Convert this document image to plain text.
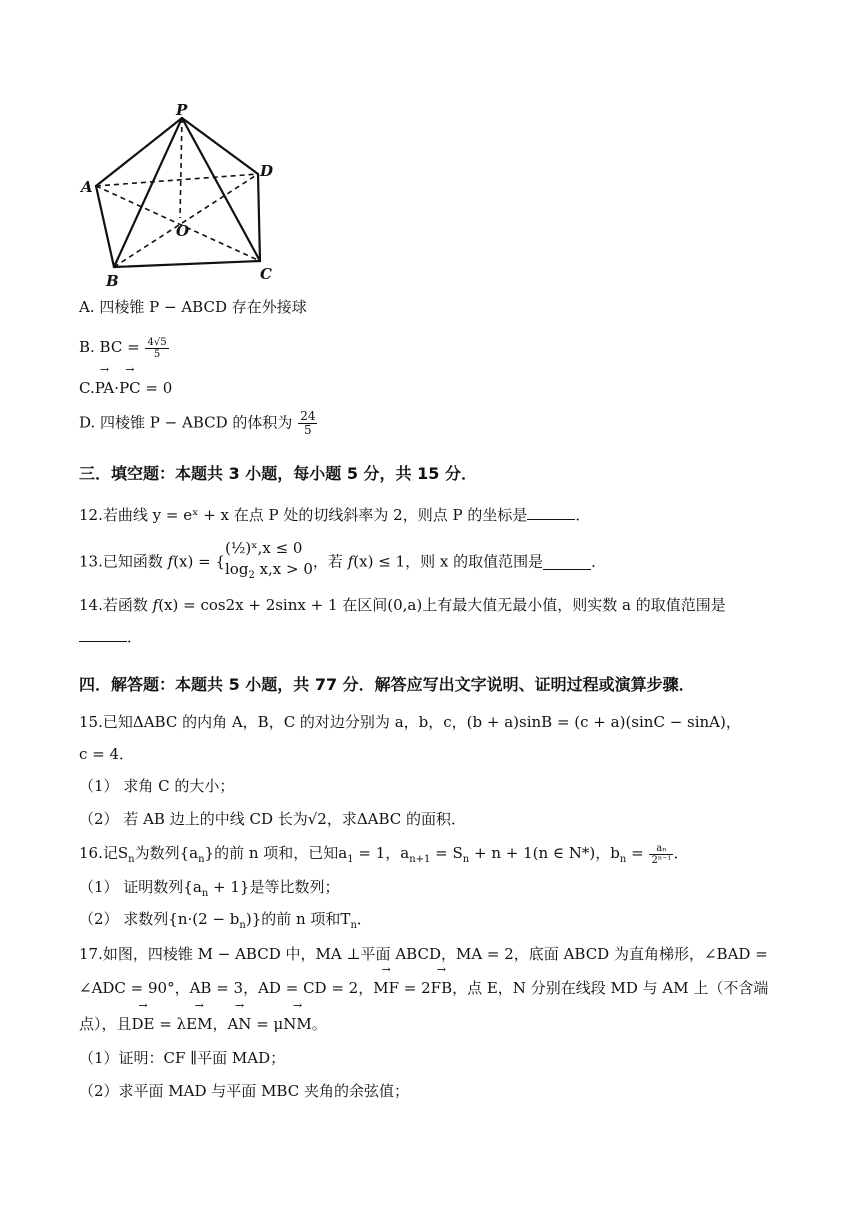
P
A
B	C
D
O
A. 四棱锥 P − ABCD 存在外接球
B. BC = $\frac{4√5}{5}$
C.→ PA·→ PC = 0
D. 四棱锥 P − ABCD 的体积为 $\frac{24}{5}$
三．填空题：本题共 3 小题，每小题 5 分，共 15 分．
12.若曲线 y = eˣ + x 在点 P 处的切线斜率为 2，则点 P 的坐标是	．
13.已知函数 f(x) = {
(½)ˣ,x ≤ 0
$\log_2 x,x > 0$ ，若 f(x) ≤ 1，则 x 的取值范围是	．
14.若函数 f(x) = cos2x + 2sinx + 1 在区间(0,a)上有最大值无最小值，则实数 a 的取值范围是
．
四．解答题：本题共 5 小题，共 77 分．解答应写出文字说明、证明过程或演算步骤．
15.已知ΔABC 的内角 A，B，C 的对边分别为 a，b，c，(b + a)sinB = (c + a)(sinC − sinA)，
c = 4．
（1） 求角 C 的大小；
（2） 若 AB 边上的中线 CD 长为√2，求ΔABC 的面积．
16.记$S_n$为数列$\{a_n\}$的前 n 项和，已知$a_1 = 1$，$a_{n+1} = S_n + n + 1(n$ ∈ N*)，$b_n = \frac{\text{aₙ}}{\text{2ⁿ⁻¹}}$ ．
（1） 证明数列$\{a_n + 1\}$是等比数列；
（2） 求数列$\{n\cdot(2 - b_n)\}$的前 n 项和$T_n$．
17.如图，四棱锥 M − ABCD 中，MA ⊥平面 ABCD，MA = 2，底面 ABCD 为直角梯形，∠BAD =
∠ADC = 90°，AB = 3，AD = CD = 2，→ MF = 2→ FB，点 E，N 分别在线段 MD 与 AM 上（不含端
点），且→ DE = λ→ EM，→ AN = μ→ NM。
（1）证明：CF ∥平面 MAD；
（2）求平面 MAD 与平面 MBC 夹角的余弦值；
